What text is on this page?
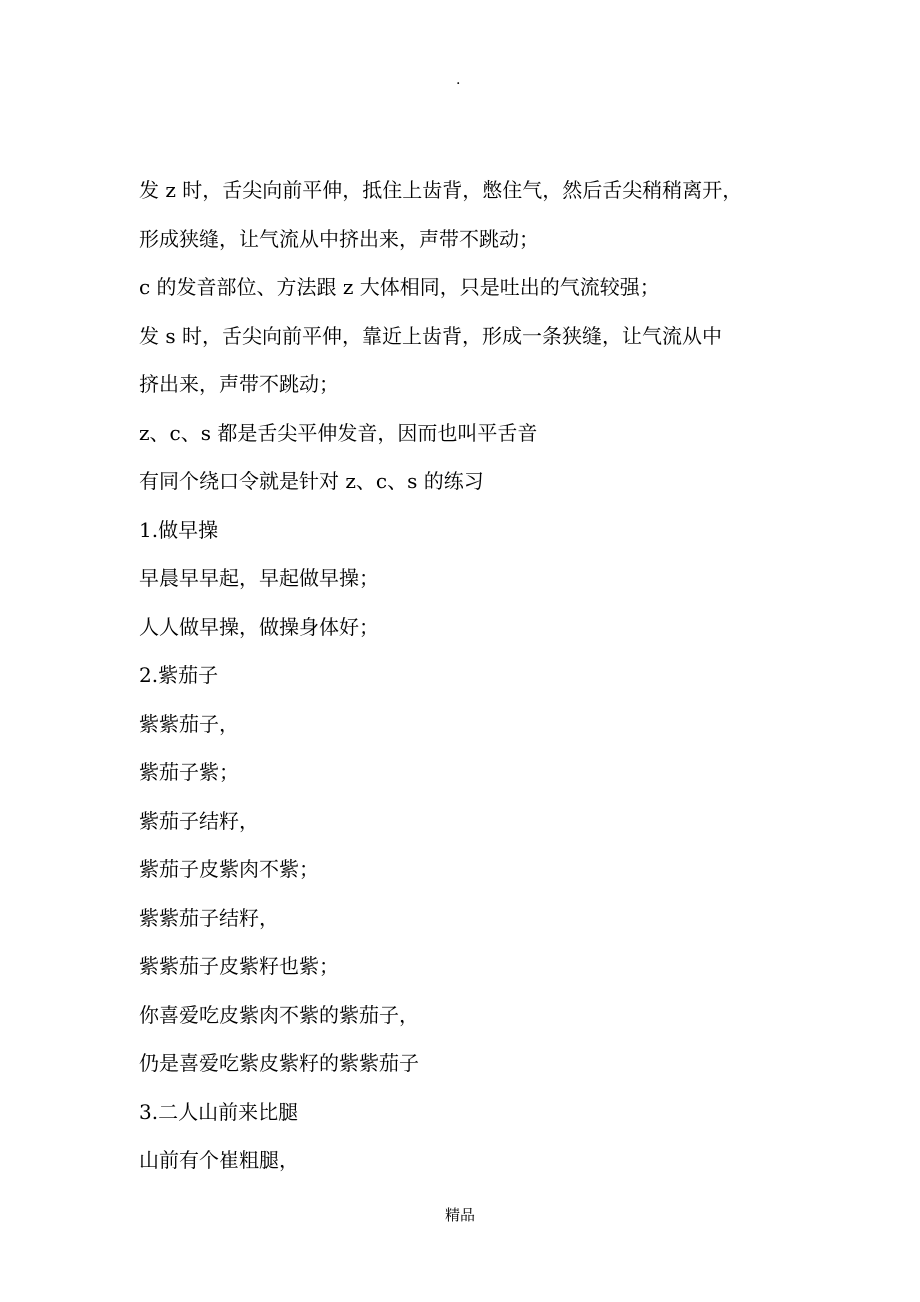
.

发 z 时，舌尖向前平伸，抵住上齿背，憋住气，然后舌尖稍稍离开，

形成狭缝，让气流从中挤出来，声带不跳动；

c 的发音部位、方法跟 z 大体相同，只是吐出的气流较强；

发 s 时，舌尖向前平伸，靠近上齿背，形成一条狭缝，让气流从中

挤出来，声带不跳动；

z、c、s 都是舌尖平伸发音，因而也叫平舌音

有同个绕口令就是针对 z、c、s 的练习

1.做早操

早晨早早起，早起做早操；

人人做早操，做操身体好；

2.紫茄子

紫紫茄子，

紫茄子紫；

紫茄子结籽，

紫茄子皮紫肉不紫；

紫紫茄子结籽，

紫紫茄子皮紫籽也紫；

你喜爱吃皮紫肉不紫的紫茄子，

仍是喜爱吃紫皮紫籽的紫紫茄子

3.二人山前来比腿

山前有个崔粗腿，

精品
